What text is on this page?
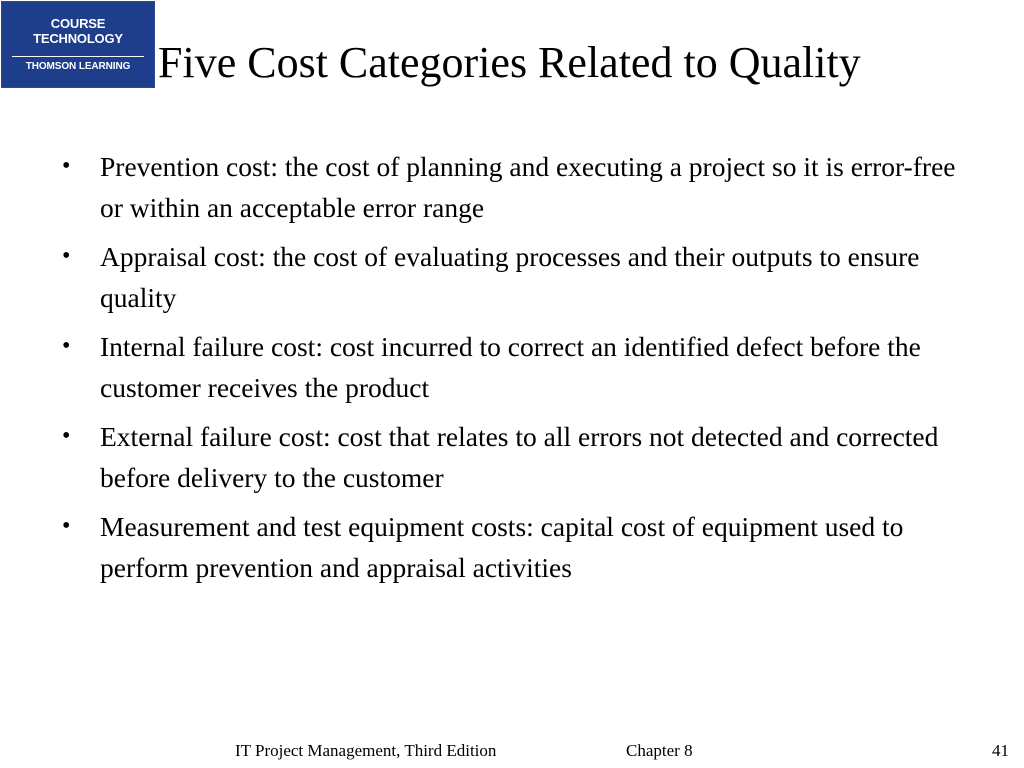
COURSE
TECHNOLOGY
THOMSON LEARNING Five Cost Categories Related to Quality
• Prevention cost: the cost of planning and executing a project so it is error-free or within an acceptable error range
• Appraisal cost: the cost of evaluating processes and their outputs to ensure quality
• Internal failure cost: cost incurred to correct an identified defect before the customer receives the product
• External failure cost: cost that relates to all errors not detected and corrected before delivery to the customer
• Measurement and test equipment costs: capital cost of equipment used to perform prevention and appraisal activities
IT Project Management, Third Edition	Chapter 8	41
